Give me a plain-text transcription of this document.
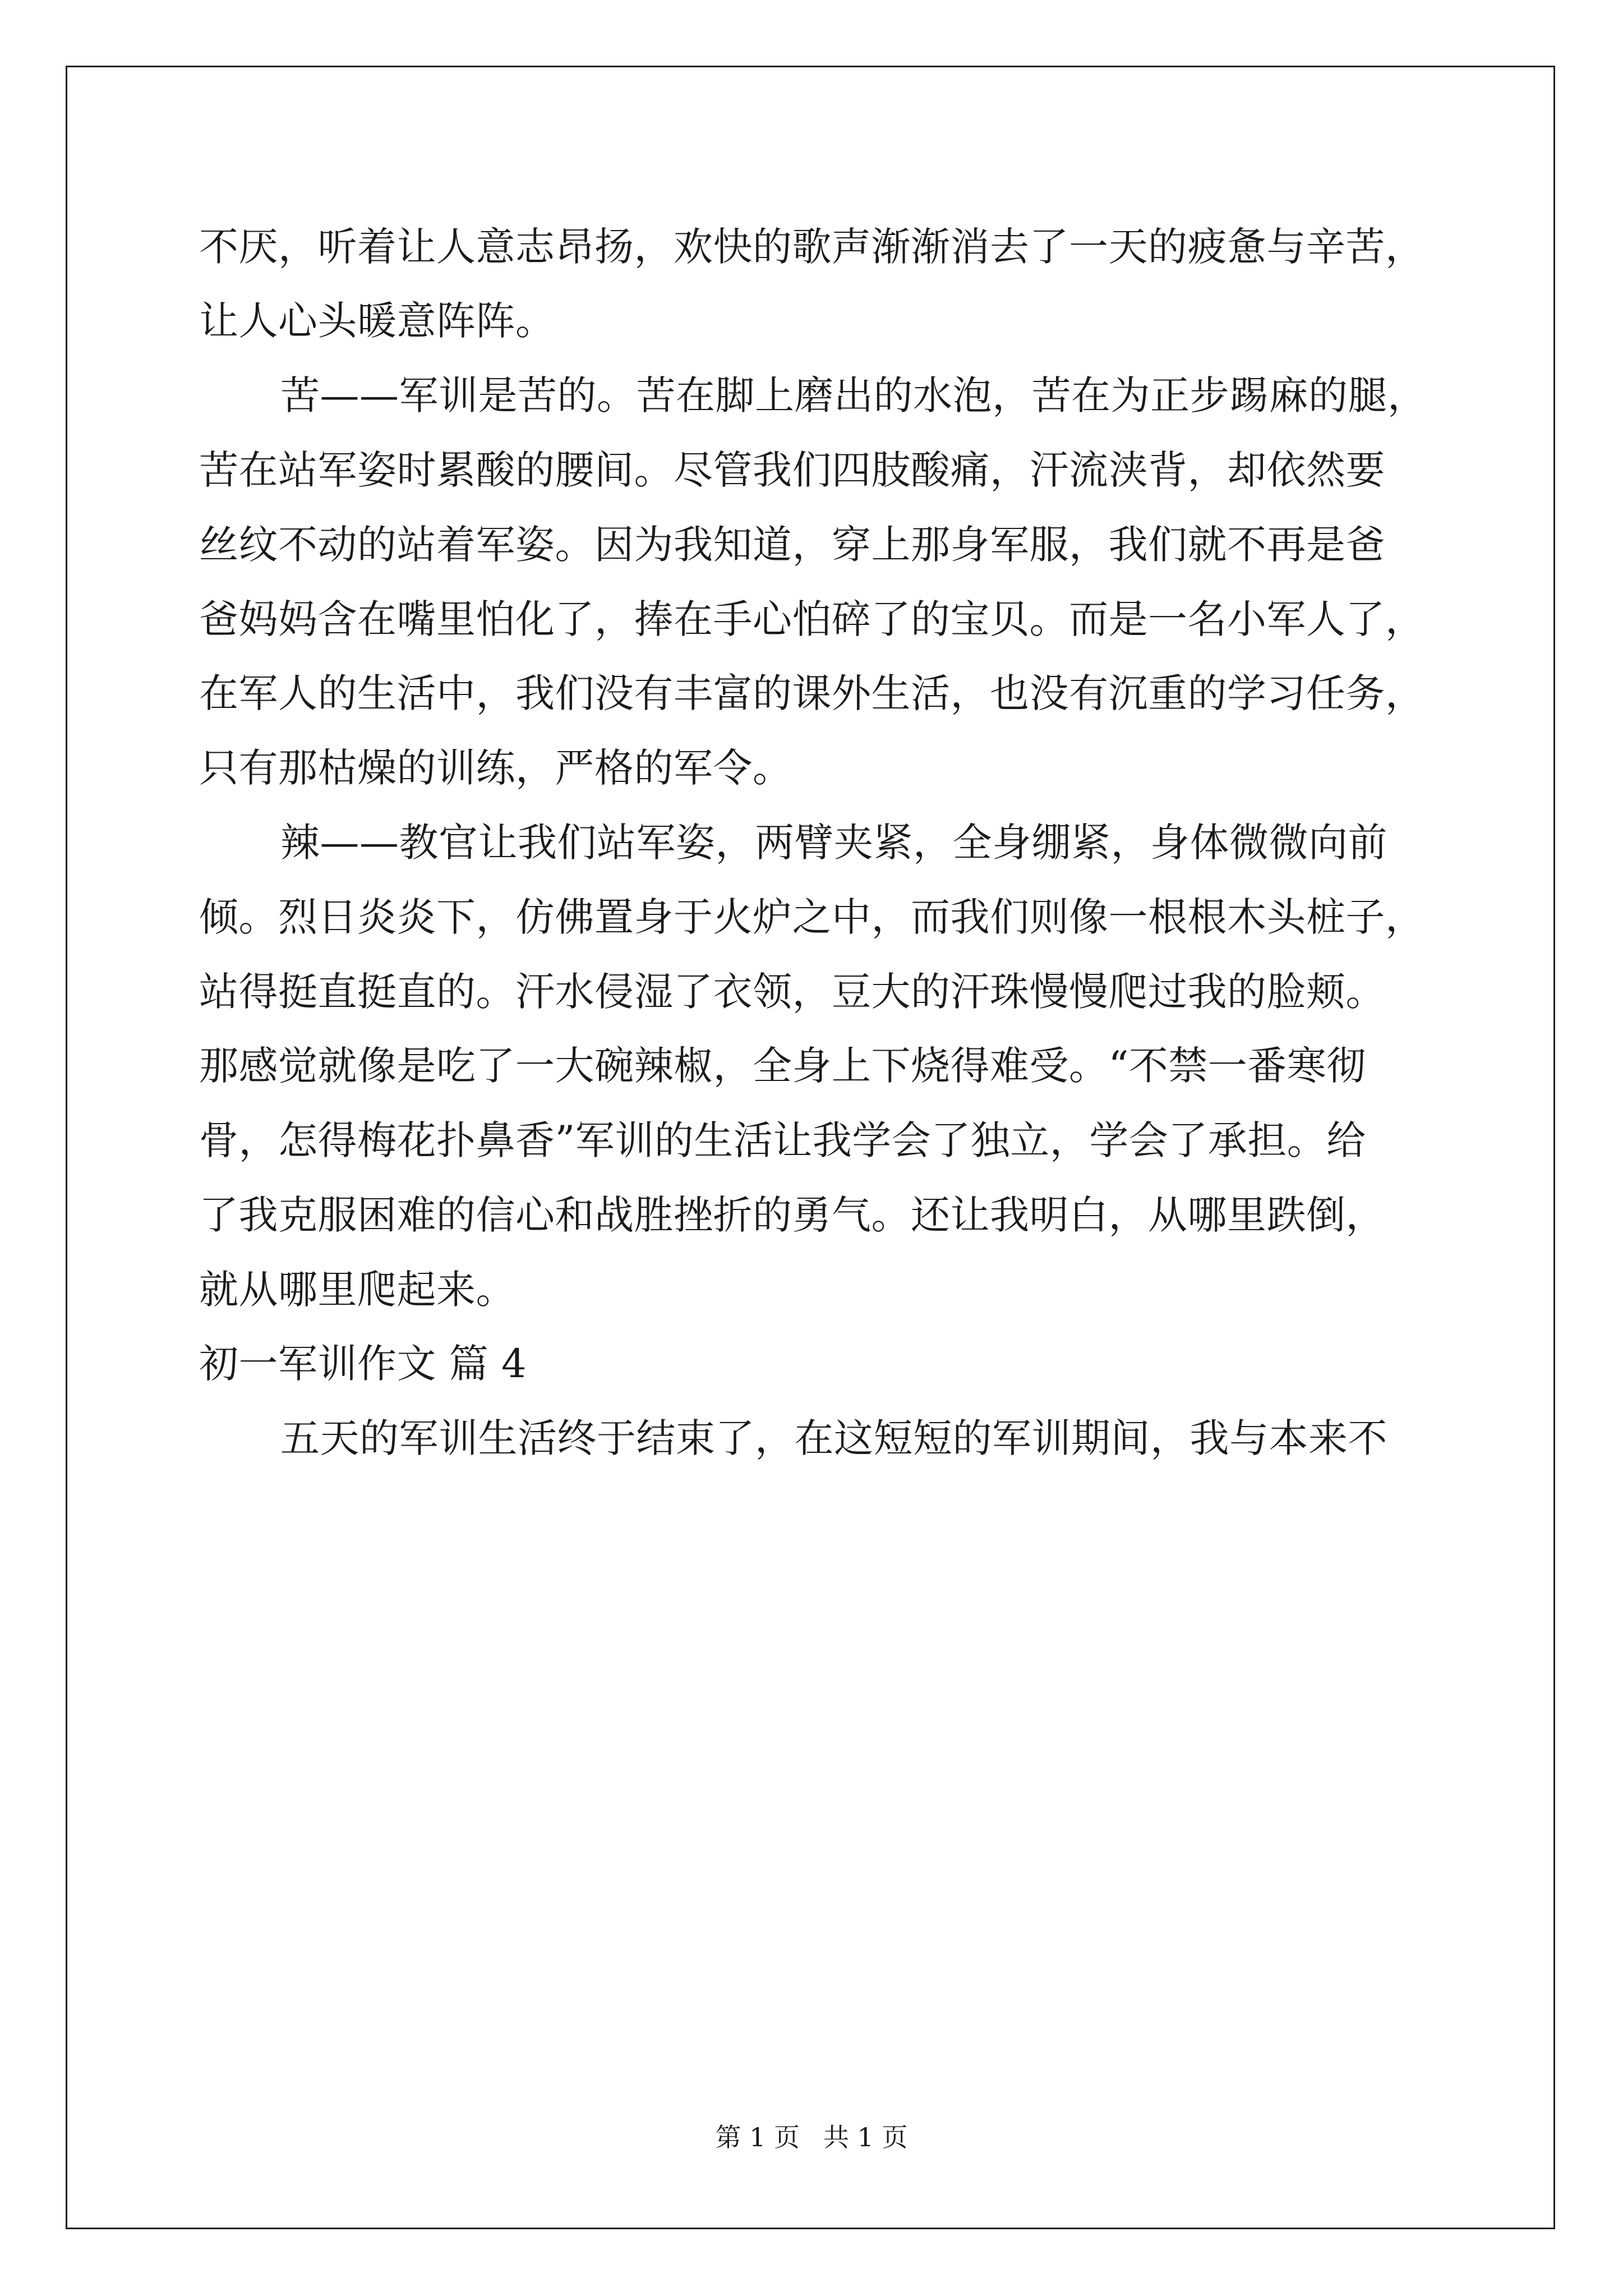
不厌，听着让人意志昂扬，欢快的歌声渐渐消去了一天的疲惫与辛苦，
让人心头暖意阵阵。
苦——军训是苦的。苦在脚上磨出的水泡，苦在为正步踢麻的腿，
苦在站军姿时累酸的腰间。尽管我们四肢酸痛，汗流浃背，却依然要
丝纹不动的站着军姿。因为我知道，穿上那身军服，我们就不再是爸
爸妈妈含在嘴里怕化了，捧在手心怕碎了的宝贝。而是一名小军人了，
在军人的生活中，我们没有丰富的课外生活，也没有沉重的学习任务，
只有那枯燥的训练，严格的军令。
辣——教官让我们站军姿，两臂夹紧，全身绷紧，身体微微向前
倾。烈日炎炎下，仿佛置身于火炉之中，而我们则像一根根木头桩子，
站得挺直挺直的。汗水侵湿了衣领，豆大的汗珠慢慢爬过我的脸颊。
那感觉就像是吃了一大碗辣椒，全身上下烧得难受。“不禁一番寒彻
骨，怎得梅花扑鼻香”军训的生活让我学会了独立，学会了承担。给
了我克服困难的信心和战胜挫折的勇气。还让我明白，从哪里跌倒，
就从哪里爬起来。
初一军训作文 篇 4
五天的军训生活终于结束了，在这短短的军训期间，我与本来不
第 1 页 共 1 页
